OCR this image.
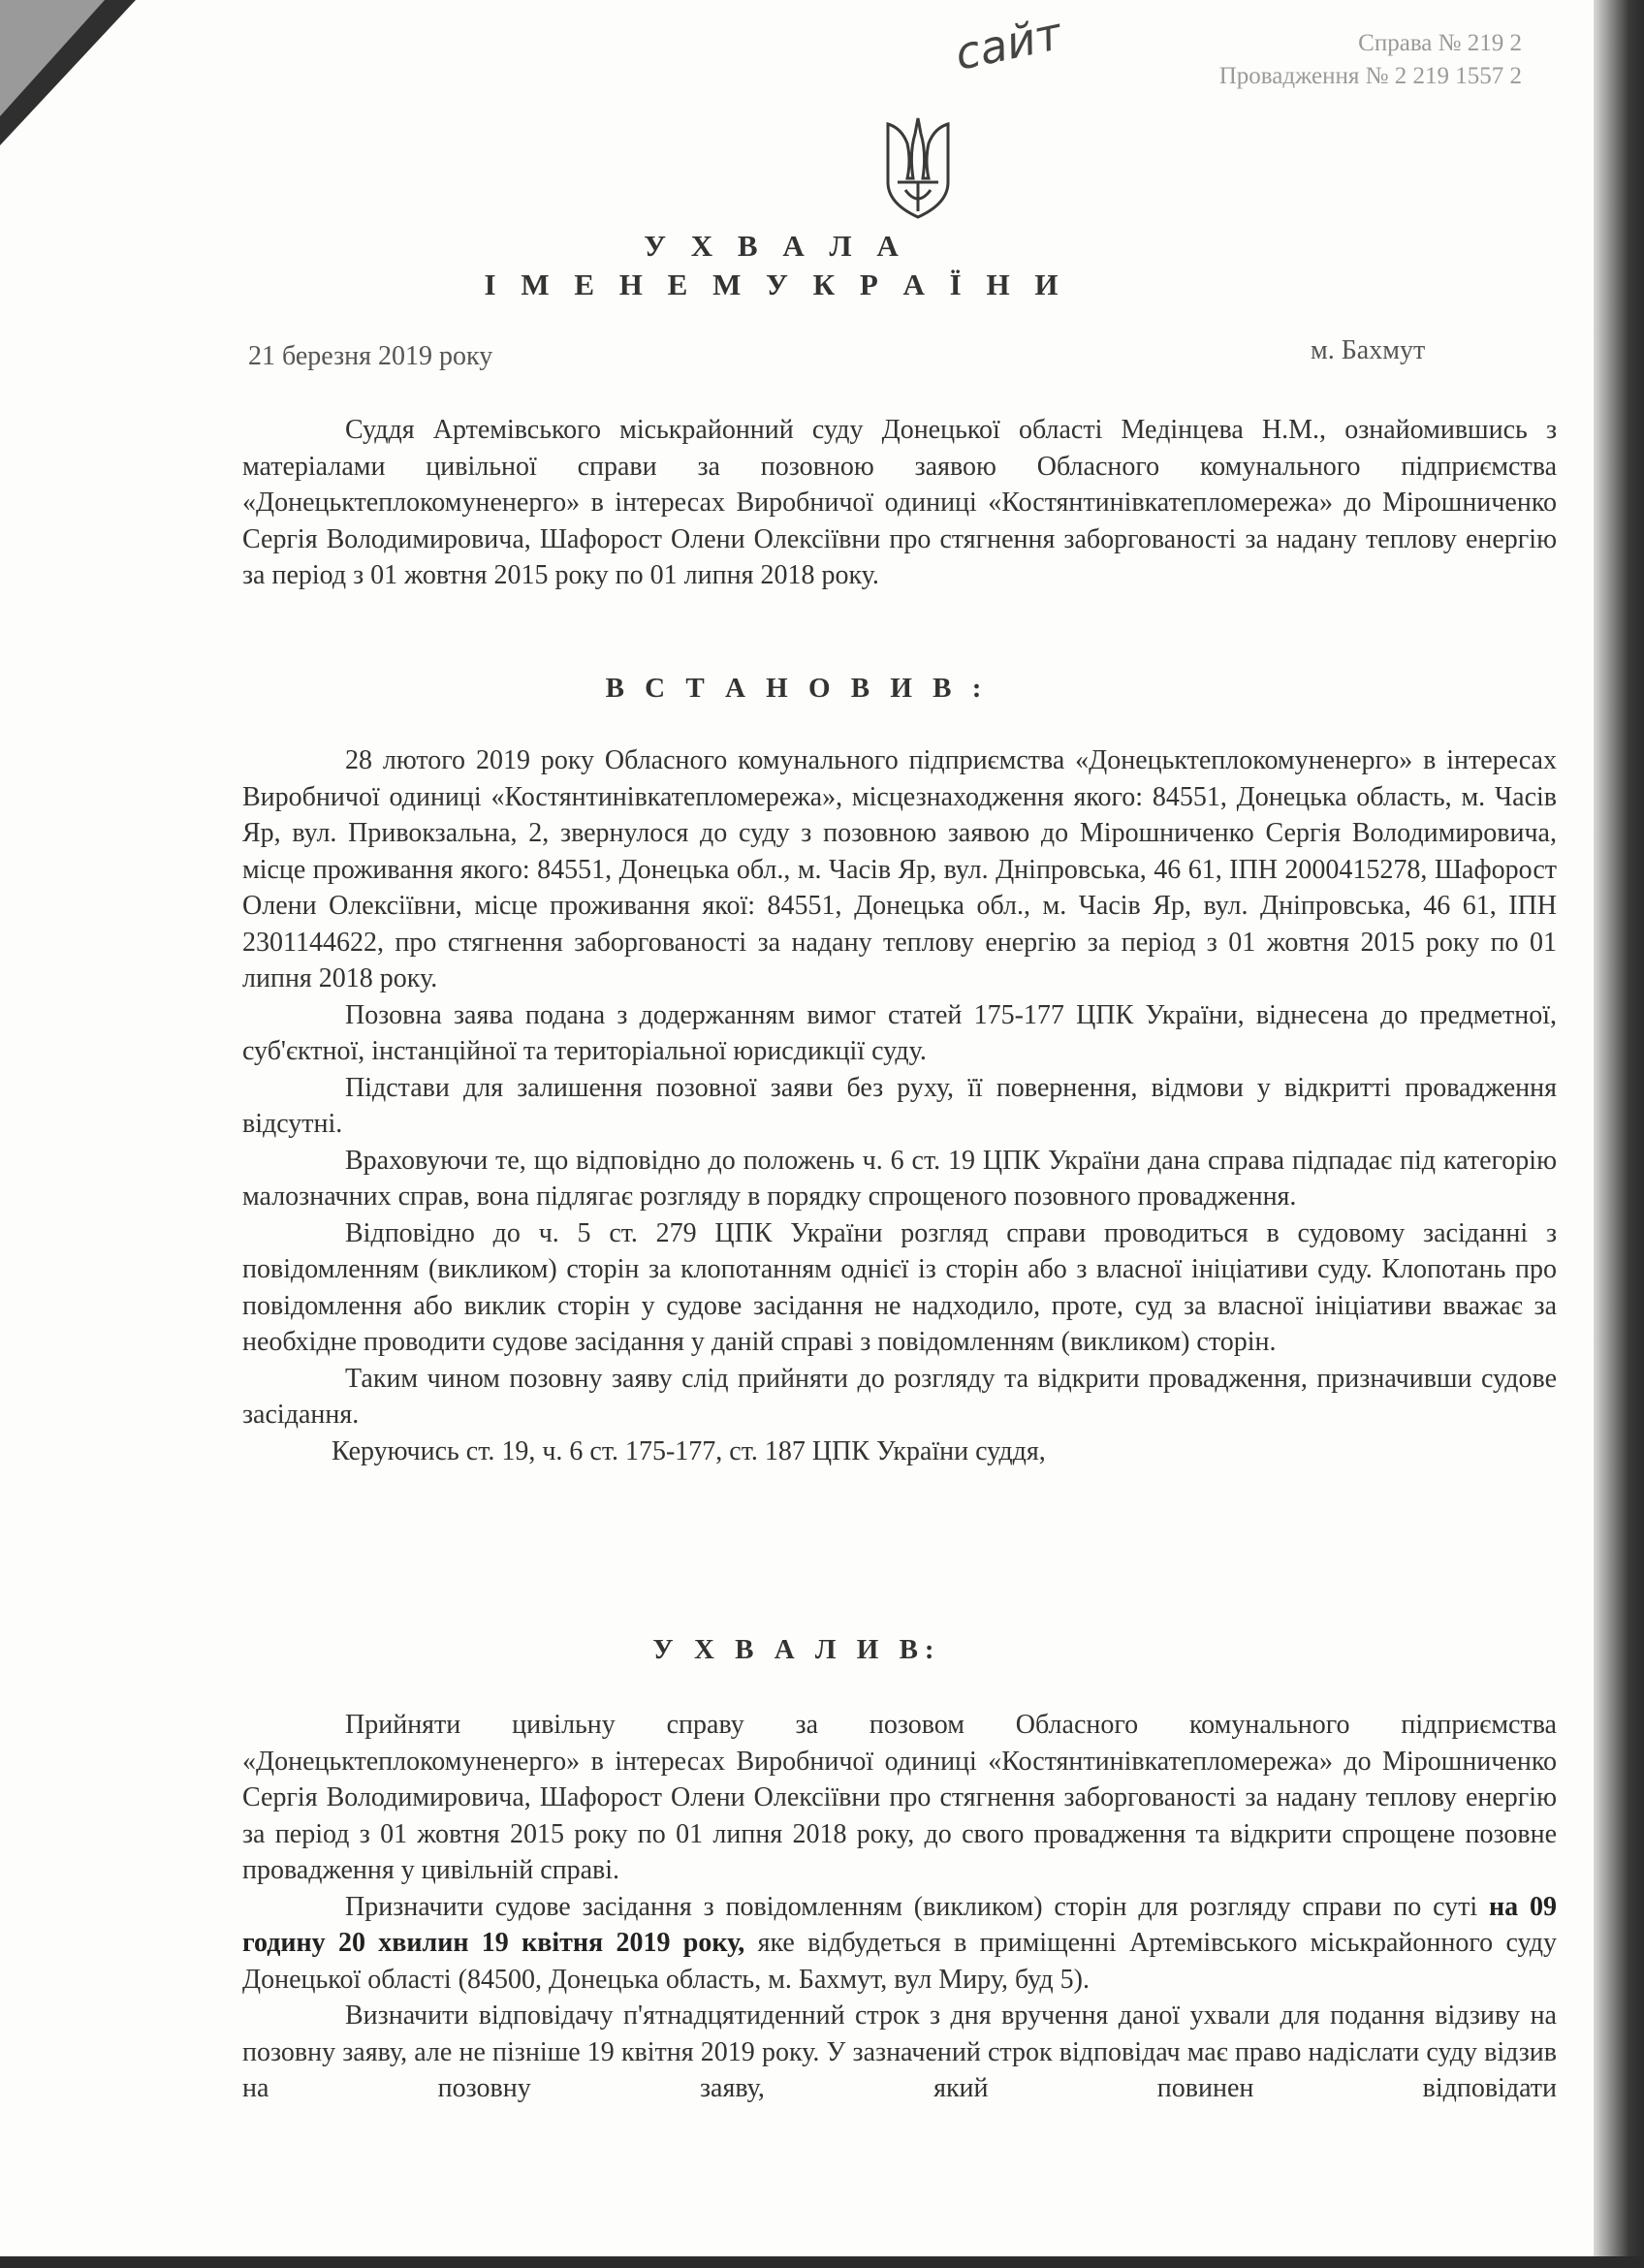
сайт	Справа № 219 2
Провадження № 2 219 1557 2
У Х В А Л А
І М Е Н Е М У К Р А Ї Н И
21 березня 2019 року	м. Бахмут

Суддя Артемівського міськрайонний суду Донецької області Медінцева Н.М., ознайомившись з матеріалами цивільної справи за позовною заявою Обласного комунального підприємства «Донецьктеплокомуненерго» в інтересах Виробничої одиниці «Костянтинівкатепломережа» до Мірошниченко Сергія Володимировича, Шафорост Олени Олексіївни про стягнення заборгованості за надану теплову енергію за період з 01 жовтня 2015 року по 01 липня 2018 року.

В С Т А Н О В И В :

28 лютого 2019 року Обласного комунального підприємства «Донецьктеплокомуненерго» в інтересах Виробничої одиниці «Костянтинівкатепломережа», місцезнаходження якого: 84551, Донецька область, м. Часів Яр, вул. Привокзальна, 2, звернулося до суду з позовною заявою до Мірошниченко Сергія Володимировича, місце проживання якого: 84551, Донецька обл., м. Часів Яр, вул. Дніпровська, 46 61, ІПН 2000415278, Шафорост Олени Олексіївни, місце проживання якої: 84551, Донецька обл., м. Часів Яр, вул. Дніпровська, 46 61, ІПН 2301144622, про стягнення заборгованості за надану теплову енергію за період з 01 жовтня 2015 року по 01 липня 2018 року.

Позовна заява подана з додержанням вимог статей 175-177 ЦПК України, віднесена до предметної, суб'єктної, інстанційної та територіальної юрисдикції суду.

Підстави для залишення позовної заяви без руху, її повернення, відмови у відкритті провадження відсутні.

Враховуючи те, що відповідно до положень ч. 6 ст. 19 ЦПК України дана справа підпадає під категорію малозначних справ, вона підлягає розгляду в порядку спрощеного позовного провадження.

Відповідно до ч. 5 ст. 279 ЦПК України розгляд справи проводиться в судовому засіданні з повідомленням (викликом) сторін за клопотанням однієї із сторін або з власної ініціативи суду. Клопотань про повідомлення або виклик сторін у судове засідання не надходило, проте, суд за власної ініціативи вважає за необхідне проводити судове засідання у даній справі з повідомленням (викликом) сторін.

Таким чином позовну заяву слід прийняти до розгляду та відкрити провадження, призначивши судове засідання.

Керуючись ст. 19, ч. 6 ст. 175-177, ст. 187 ЦПК України суддя,

У Х В А Л И В:

Прийняти цивільну справу за позовом Обласного комунального підприємства «Донецьктеплокомуненерго» в інтересах Виробничої одиниці «Костянтинівкатепломережа» до Мірошниченко Сергія Володимировича, Шафорост Олени Олексіївни про стягнення заборгованості за надану теплову енергію за період з 01 жовтня 2015 року по 01 липня 2018 року, до свого провадження та відкрити спрощене позовне провадження у цивільній справі.

Призначити судове засідання з повідомленням (викликом) сторін для розгляду справи по суті на 09 годину 20 хвилин 19 квітня 2019 року, яке відбудеться в приміщенні Артемівського міськрайонного суду Донецької області (84500, Донецька область, м. Бахмут, вул Миру, буд 5).

Визначити відповідачу п'ятнадцятиденний строк з дня вручення даної ухвали для подання відзиву на позовну заяву, але не пізніше 19 квітня 2019 року. У зазначений строк відповідач має право надіслати суду відзив на позовну заяву, який повинен відповідати
